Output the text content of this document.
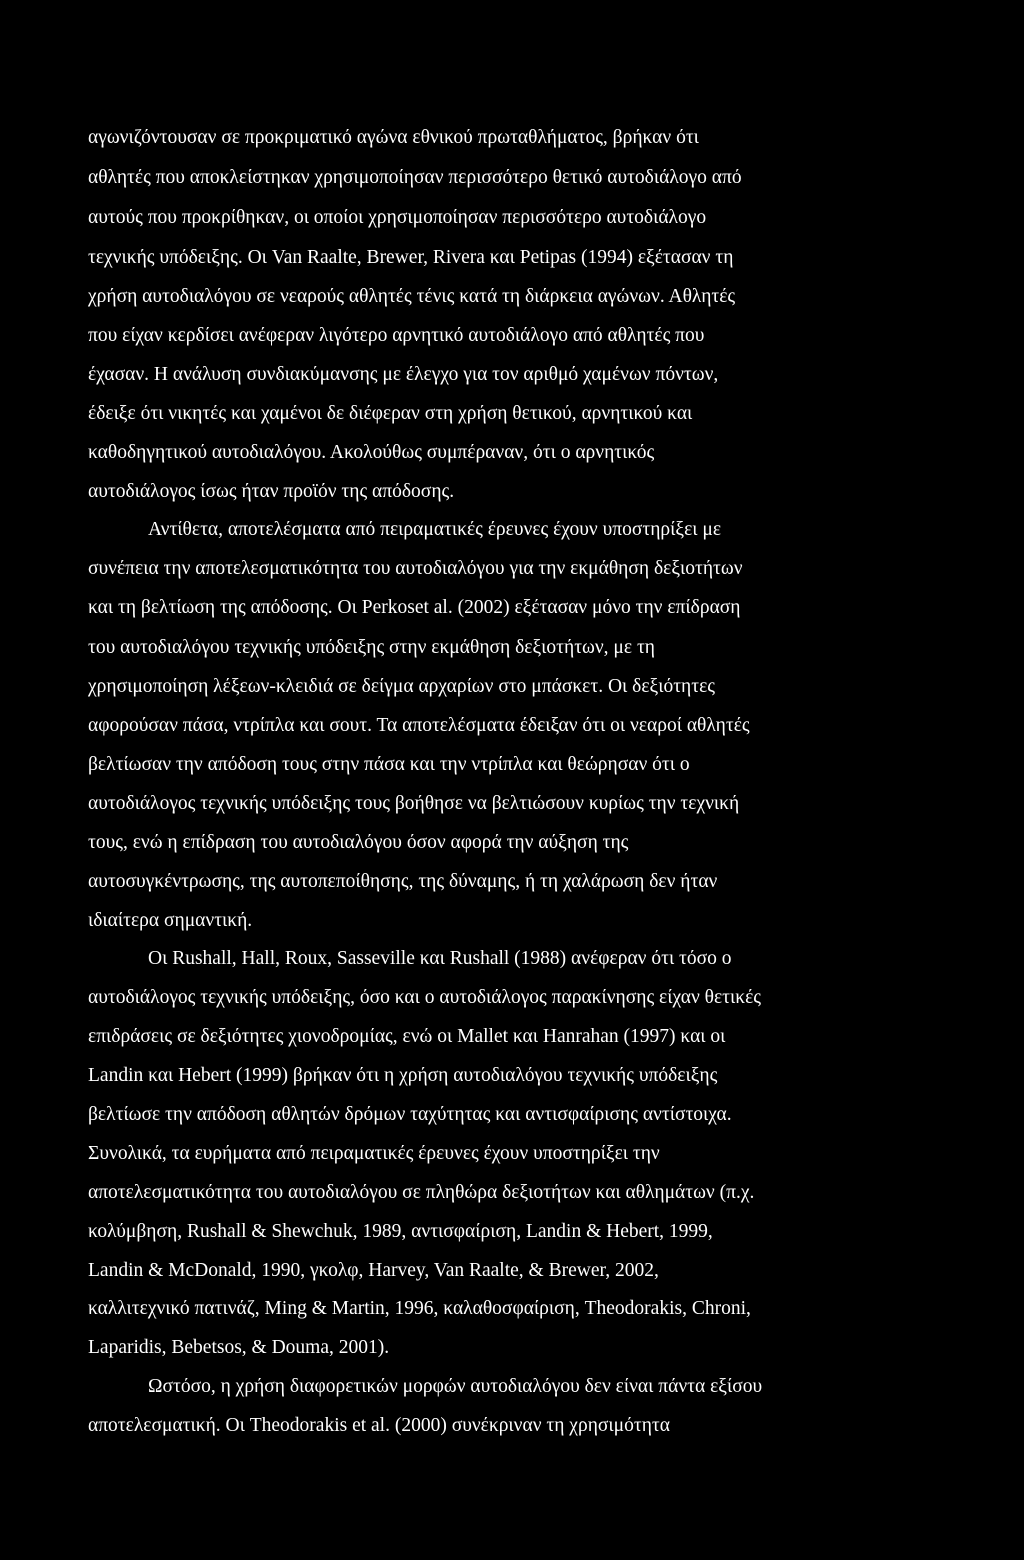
αγωνιζόντουσαν σε προκριματικό αγώνα εθνικού πρωταθλήματος, βρήκαν ότι
αθλητές που αποκλείστηκαν χρησιμοποίησαν περισσότερο θετικό αυτοδιάλογο από
αυτούς που προκρίθηκαν, οι οποίοι χρησιμοποίησαν περισσότερο αυτοδιάλογο
τεχνικής υπόδειξης. Οι Van Raalte, Brewer, Rivera και Petipas (1994) εξέτασαν τη
χρήση αυτοδιαλόγου σε νεαρούς αθλητές τένις κατά τη διάρκεια αγώνων. Αθλητές
που είχαν κερδίσει ανέφεραν λιγότερο αρνητικό αυτοδιάλογο από αθλητές που
έχασαν. Η ανάλυση συνδιακύμανσης με έλεγχο για τον αριθμό χαμένων πόντων,
έδειξε ότι νικητές και χαμένοι δε διέφεραν στη χρήση θετικού, αρνητικού και
καθοδηγητικού αυτοδιαλόγου. Ακολούθως συμπέραναν, ότι ο αρνητικός
αυτοδιάλογος ίσως ήταν προϊόν της απόδοσης.
Αντίθετα, αποτελέσματα από πειραματικές έρευνες έχουν υποστηρίξει με
συνέπεια την αποτελεσματικότητα του αυτοδιαλόγου για την εκμάθηση δεξιοτήτων
και τη βελτίωση της απόδοσης. Οι Perkoset al. (2002) εξέτασαν μόνο την επίδραση
του αυτοδιαλόγου τεχνικής υπόδειξης στην εκμάθηση δεξιοτήτων, με τη
χρησιμοποίηση λέξεων-κλειδιά σε δείγμα αρχαρίων στο μπάσκετ. Οι δεξιότητες
αφορούσαν πάσα, ντρίπλα και σουτ. Τα αποτελέσματα έδειξαν ότι οι νεαροί αθλητές
βελτίωσαν την απόδοση τους στην πάσα και την ντρίπλα και θεώρησαν ότι ο
αυτοδιάλογος τεχνικής υπόδειξης τους βοήθησε να βελτιώσουν κυρίως την τεχνική
τους, ενώ η επίδραση του αυτοδιαλόγου όσον αφορά την αύξηση της
αυτοσυγκέντρωσης, της αυτοπεποίθησης, της δύναμης, ή τη χαλάρωση δεν ήταν
ιδιαίτερα σημαντική.
Οι Rushall, Hall, Roux, Sasseville και Rushall (1988) ανέφεραν ότι τόσο ο
αυτοδιάλογος τεχνικής υπόδειξης, όσο και ο αυτοδιάλογος παρακίνησης είχαν θετικές
επιδράσεις σε δεξιότητες χιονοδρομίας, ενώ οι Mallet και Hanrahan (1997) και οι
Landin και Hebert (1999) βρήκαν ότι η χρήση αυτοδιαλόγου τεχνικής υπόδειξης
βελτίωσε την απόδοση αθλητών δρόμων ταχύτητας και αντισφαίρισης αντίστοιχα.
Συνολικά, τα ευρήματα από πειραματικές έρευνες έχουν υποστηρίξει την
αποτελεσματικότητα του αυτοδιαλόγου σε πληθώρα δεξιοτήτων και αθλημάτων (π.χ.
κολύμβηση, Rushall & Shewchuk, 1989, αντισφαίριση, Landin & Hebert, 1999,
Landin & McDonald, 1990, γκολφ, Harvey, Van Raalte, & Brewer, 2002,
καλλιτεχνικό πατινάζ, Ming & Martin, 1996, καλαθοσφαίριση, Theodorakis, Chroni,
Laparidis, Bebetsos, & Douma, 2001).
Ωστόσο, η χρήση διαφορετικών μορφών αυτοδιαλόγου δεν είναι πάντα εξίσου
αποτελεσματική. Οι Theodorakis et al. (2000) συνέκριναν τη χρησιμότητα
